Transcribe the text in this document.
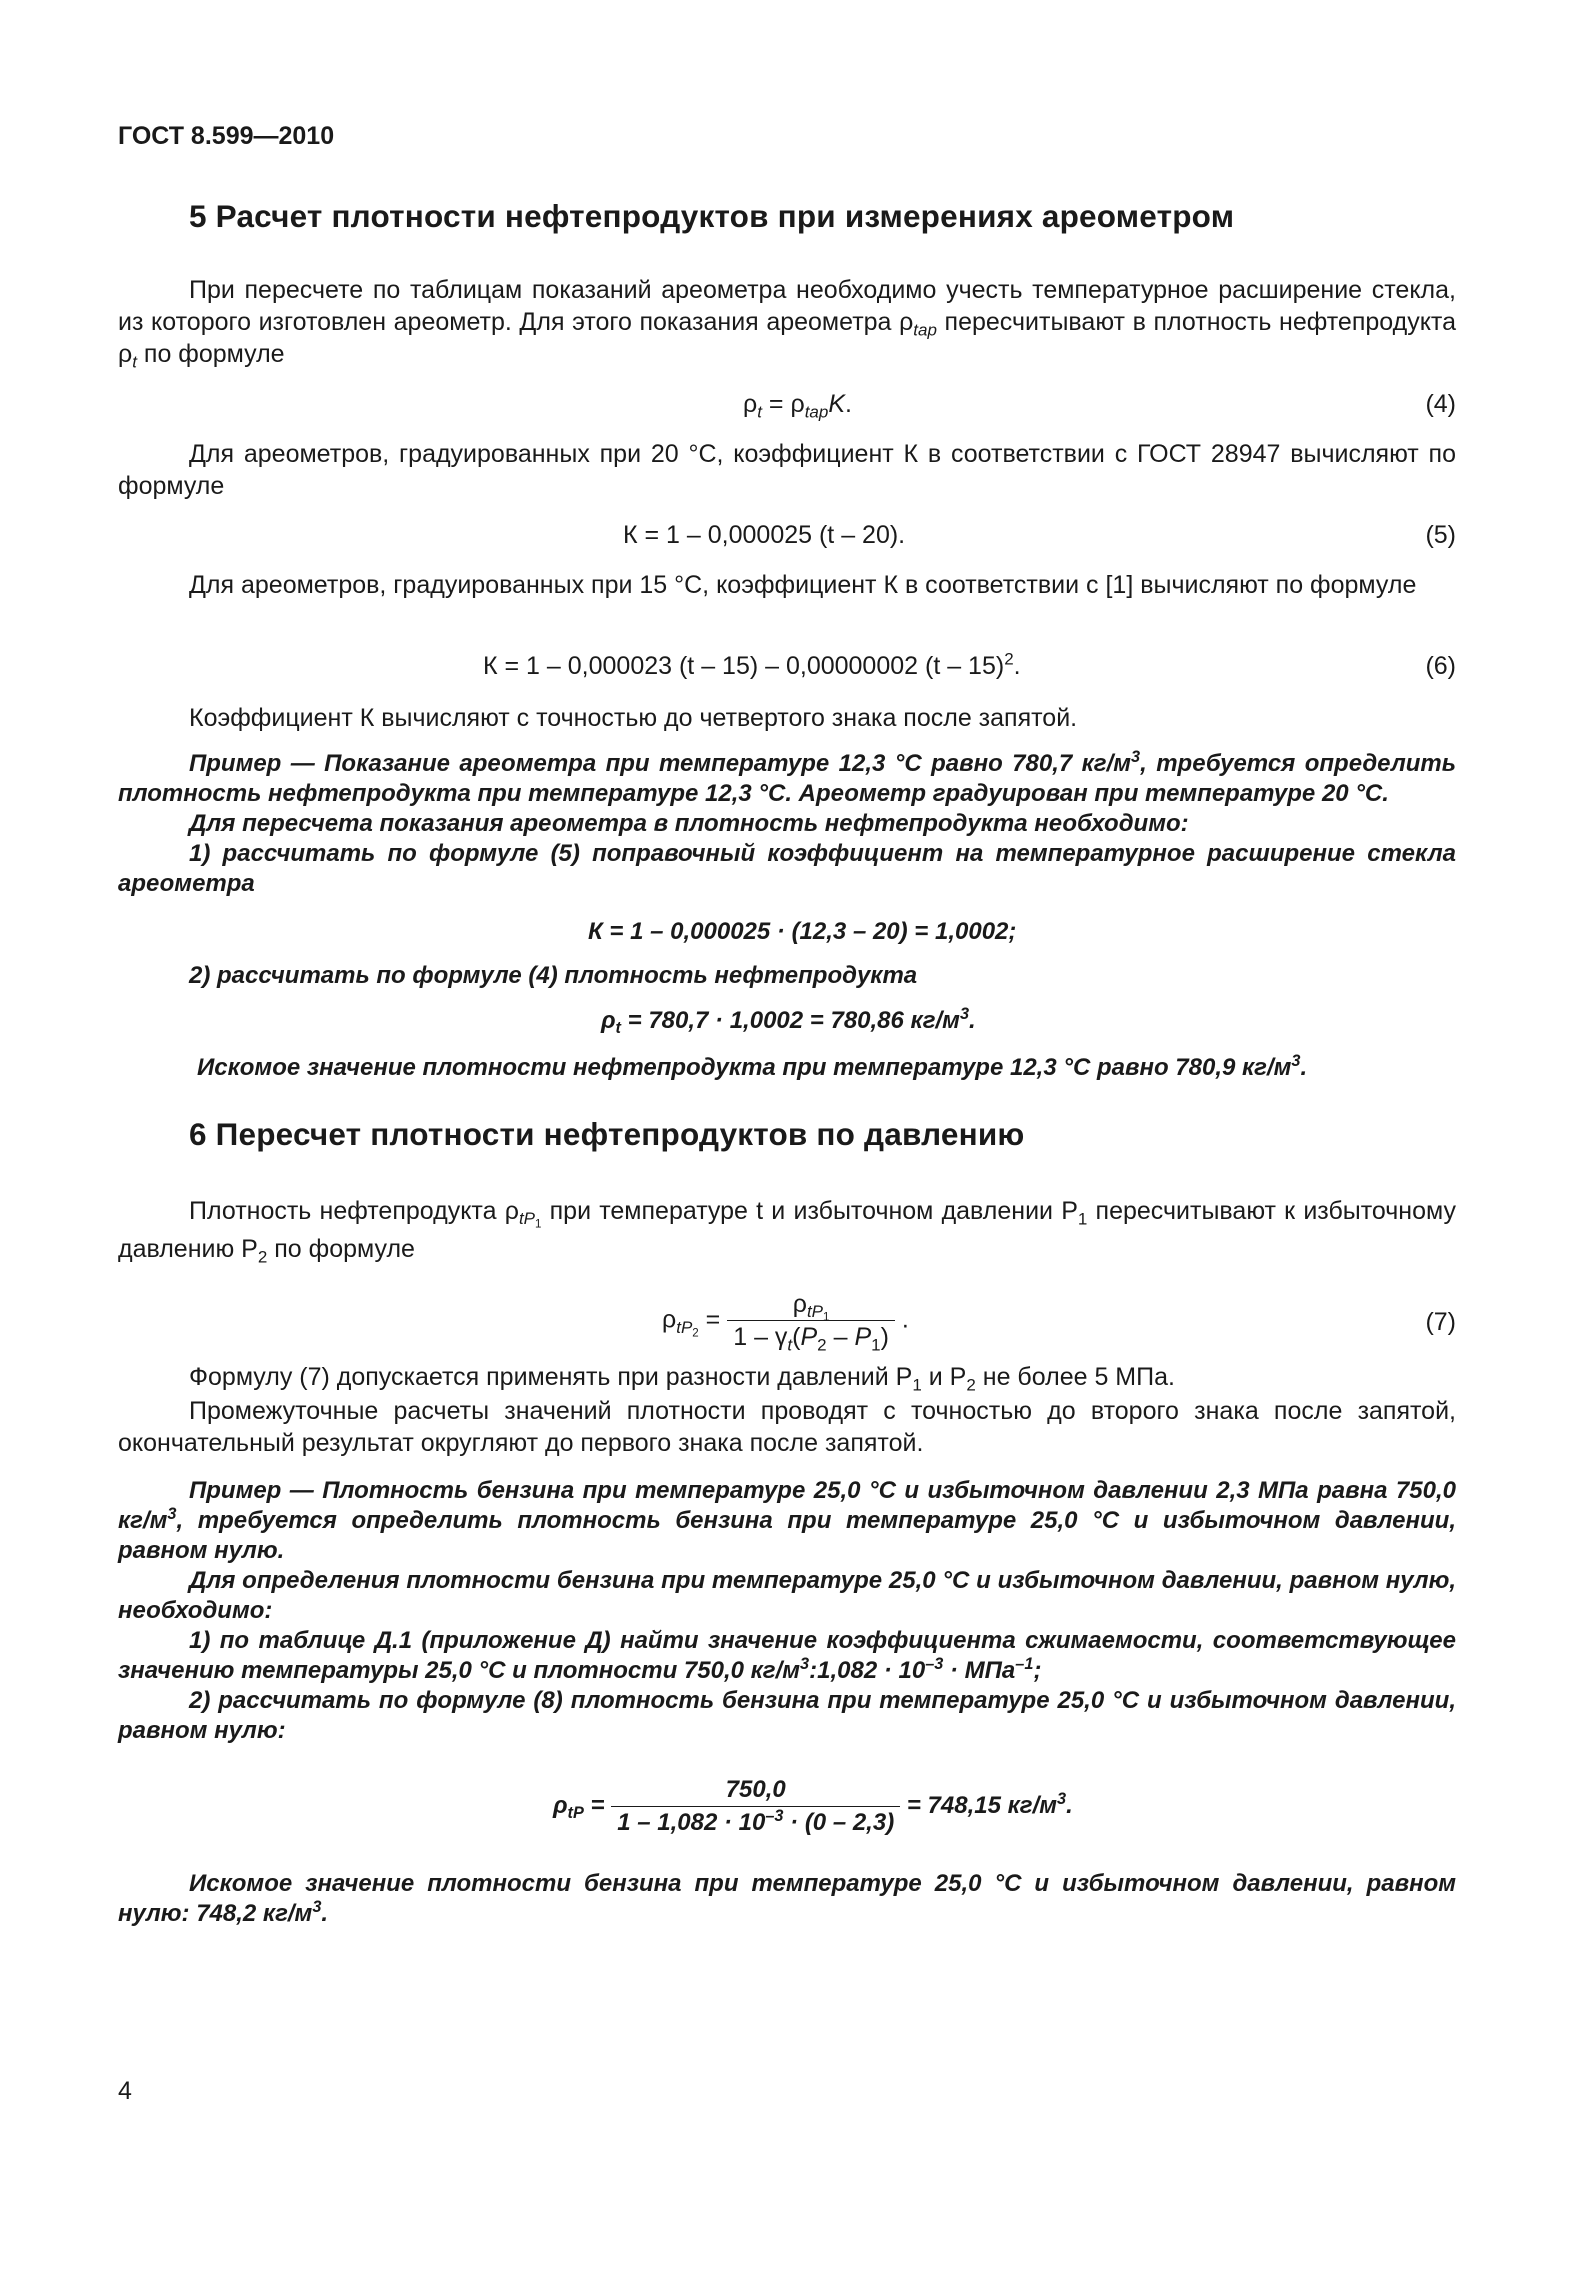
ГОСТ 8.599—2010
5 Расчет плотности нефтепродуктов при измерениях ареометром

При пересчете по таблицам показаний ареометра необходимо учесть температурное расширение стекла, из которого изготовлен ареометр. Для этого показания ареометра $\rho_{tap}$ пересчитывают в плотность нефтепродукта $\rho_t$ по формуле

$\rho_t = \rho_{tap}K$.	(4)

Для ареометров, градуированных при 20 °С, коэффициент К в соответствии с ГОСТ 28947 вычисляют по формуле

К = 1 – 0,000025 (t – 20).	(5)

Для ареометров, градуированных при 15 °С, коэффициент К в соответствии с [1] вычисляют по формуле

К = 1 – 0,000023 (t – 15) – 0,00000002 (t – 15)$^2$.	(6)

Коэффициент К вычисляют с точностью до четвертого знака после запятой.

Пример — Показание ареометра при температуре 12,3 °С равно 780,7 $кг/м^3$, требуется определить плотность нефтепродукта при температуре 12,3 °С. Ареометр градуирован при температуре 20 °С.

Для пересчета показания ареометра в плотность нефтепродукта необходимо:

1) рассчитать по формуле (5) поправочный коэффициент на температурное расширение стекла ареометра

К = 1 – 0,000025 · (12,3 – 20) = 1,0002;

2) рассчитать по формуле (4) плотность нефтепродукта

$\rho_t = 780,7 \cdot 1,0002 = 780,86$ $кг/м^3$.

Искомое значение плотности нефтепродукта при температуре 12,3 °С равно 780,9 $кг/м^3$.

6 Пересчет плотности нефтепродуктов по давлению

Плотность нефтепродукта $\rho_{tP_1}$ при температуре t и избыточном давлении $P_1$ пересчитывают к избыточному давлению $P_2$ по формуле

$\rho_{tP_2} = \frac{\rho_{tP_1}}{1 - \gamma_t(P_2 - P_1)}$ .	(7)

Формулу (7) допускается применять при разности давлений $P_1$ и $P_2$ не более 5 МПа.

Промежуточные расчеты значений плотности проводят с точностью до второго знака после запятой, окончательный результат округляют до первого знака после запятой.

Пример — Плотность бензина при температуре 25,0 °С и избыточном давлении 2,3 МПа равна 750,0 $кг/м^3$, требуется определить плотность бензина при температуре 25,0 °С и избыточном давлении, равном нулю.

Для определения плотности бензина при температуре 25,0 °С и избыточном давлении, равном нулю, необходимо:

1) по таблице Д.1 (приложение Д) найти значение коэффициента сжимаемости, соответствующее значению температуры 25,0 °С и плотности 750,0 $кг/м^3:1,082 \cdot 10^{-3} \cdot МПа^{-1}$;

2) рассчитать по формуле (8) плотность бензина при температуре 25,0 °С и избыточном давлении, равном нулю:

$\rho_{tP} = \frac{750,0}{1 - 1,082 \cdot 10^{-3} \cdot (0 - 2,3)} = 748,15$ $кг/м^3$.

Искомое значение плотности бензина при температуре 25,0 °С и избыточном давлении, равном нулю: 748,2 $кг/м^3$.

4
